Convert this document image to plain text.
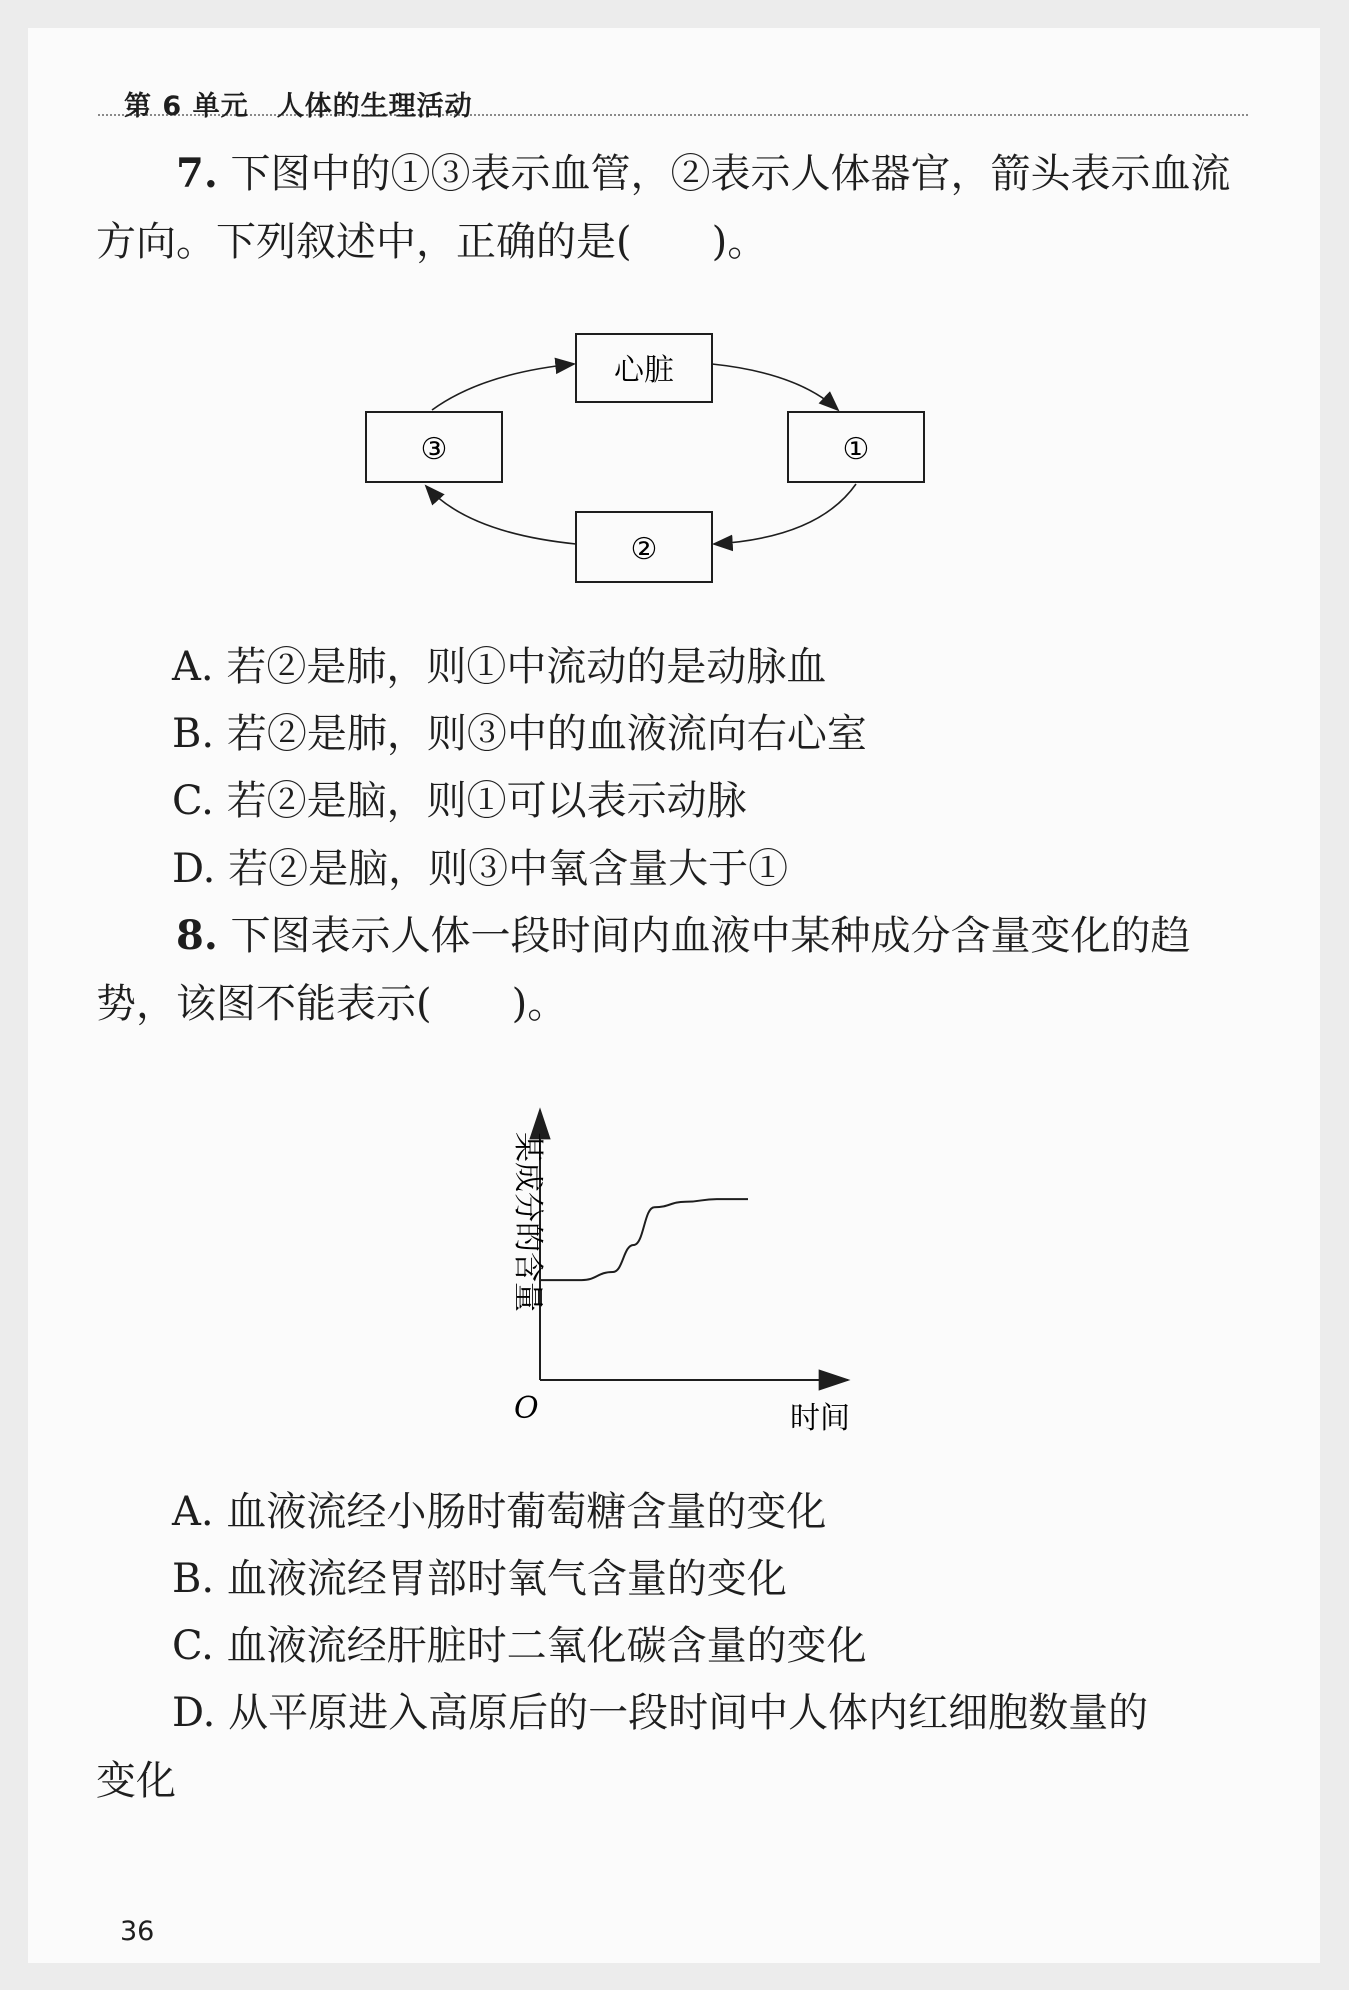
第 6 单元　人体的生理活动
7. 下图中的①③表示血管，②表示人体器官，箭头表示血流
方向。下列叙述中，正确的是(　　)。
心脏
①
②
③
A. 若②是肺，则①中流动的是动脉血
B. 若②是肺，则③中的血液流向右心室
C. 若②是脑，则①可以表示动脉
D. 若②是脑，则③中氧含量大于①
8. 下图表示人体一段时间内血液中某种成分含量变化的趋
势，该图不能表示(　　)。
某成分的含量
时间
O
A. 血液流经小肠时葡萄糖含量的变化
B. 血液流经胃部时氧气含量的变化
C. 血液流经肝脏时二氧化碳含量的变化
D. 从平原进入高原后的一段时间中人体内红细胞数量的
变化
36
